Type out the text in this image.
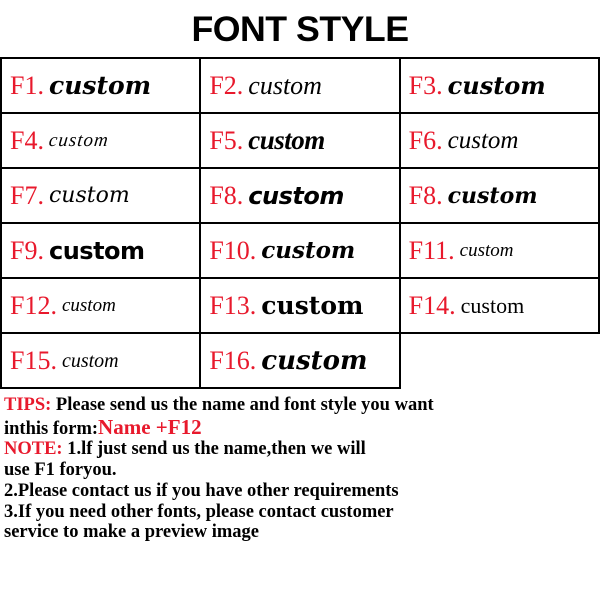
FONT STYLE
F1. custom F2. custom	F3. custom
F4. custom	F5. custom	F6. custom
F7. custom	F8. custom F8. custom
F9. custom F10. custom F11. custom
F12. custom	F13. custom F14. custom
F15. custom	F16. custom
TIPS: Please send us the name and font style you want
inthis form:Name +F12
NOTE: 1.lf just send us the name,then we will
use F1 foryou.
2.Please contact us if you have other requirements
3.If you need other fonts, please contact customer
service to make a preview image
